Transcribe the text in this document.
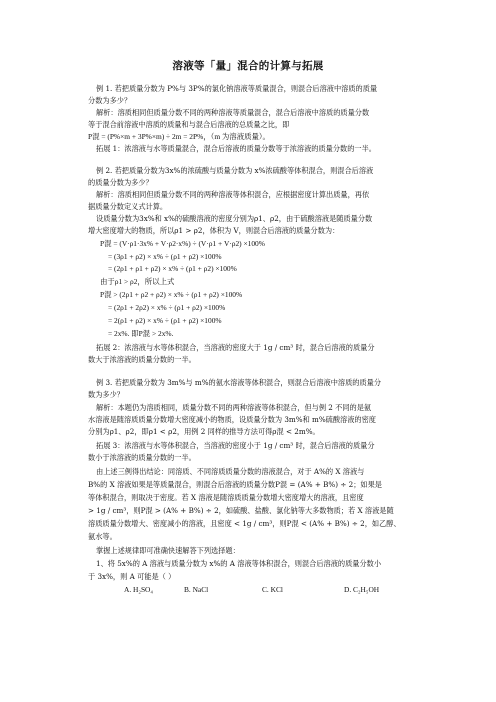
溶液等「量」混合的计算与拓展
例 1. 若把质量分数为 P%与 3P%的氯化钠溶液等质量混合，则混合后溶液中溶质的质量
分数为多少？
解析：溶质相同但质量分数不同的两种溶液等质量混合，混合后溶液中溶质的质量分数
等于混合前溶液中溶质的质量和与混合后溶液的总质量之比，即
P混 = (P%×m + 3P%×m) ÷ 2m = 2P%，（m 为溶液质量）。
拓展 1：浓溶液与水等质量混合，混合后溶液的质量分数等于浓溶液的质量分数的一半。
例 2. 若把质量分数为3x%的浓硫酸与质量分数为 x%浓硫酸等体积混合，则混合后溶液
的质量分数为多少？
解析：溶质相同但质量分数不同的两种溶液等体积混合，应根据密度计算出质量，再依
据质量分数定义式计算。
设质量分数为3x%和 x%的硫酸溶液的密度分别为ρ1、ρ2，由于硫酸溶液是随质量分数
增大密度增大的物质，所以ρ1 > ρ2，体积为 V，则混合后溶液的质量分数为：
P混 = (V·ρ1·3x% + V·ρ2·x%) ÷ (V·ρ1 + V·ρ2) ×100%
= (3ρ1 + ρ2) × x% ÷ (ρ1 + ρ2) ×100%
= (2ρ1 + ρ1 + ρ2) × x% ÷ (ρ1 + ρ2) ×100%
由于ρ1 > ρ2，所以上式
P混 > (2ρ1 + ρ2 + ρ2) × x% ÷ (ρ1 + ρ2) ×100%
= (2ρ1 + 2ρ2) × x% ÷ (ρ1 + ρ2) ×100%
= 2(ρ1 + ρ2) × x% ÷ (ρ1 + ρ2) ×100%
= 2x%. 即P混 > 2x%.
拓展 2：浓溶液与水等体积混合，当溶液的密度大于 1g / cm³ 时，混合后溶液的质量分
数大于浓溶液的质量分数的一半。
例 3. 若把质量分数为 3m%与 m%的氨水溶液等体积混合，则混合后溶液中溶质的质量分
数为多少？
解析：本题仍为溶质相同，质量分数不同的两种溶液等体积混合，但与例 2 不同的是氨
水溶液是随溶质质量分数增大密度减小的物质，设质量分数为 3m%和 m%硫酸溶液的密度
分别为ρ1、ρ2，即ρ1 < ρ2，用例 2 同样的推导方法可得ρ混 < 2m%。
拓展 3：浓溶液与水等体积混合，当溶液的密度小于 1g / cm³ 时，混合后溶液的质量分
数小于浓溶液的质量分数的一半。
由上述三例得出结论：同溶质、不同溶质质量分数的溶液混合，对于 A%的 X 溶液与
B%的 X 溶液如果是等质量混合，则混合后溶液的质量分数P混 = (A% + B%) ÷ 2；如果是
等体积混合，则取决于密度。若 X 溶液是随溶质质量分数增大密度增大的溶液，且密度
> 1g / cm³，则P混 > (A% + B%) ÷ 2，如硫酸、盐酸、氯化钠等大多数物质；若 X 溶液是随
溶质质量分数增大、密度减小的溶液，且密度 < 1g / cm³，则P混 < (A% + B%) ÷ 2，如乙醇、
氨水等。
掌握上述规律即可准确快速解答下列选择题：
1、将 5x%的 A 溶液与质量分数为 x%的 A 溶液等体积混合，则混合后溶液的质量分数小
于 3x%，则 A 可能是（ ）
A. H₂SO₄	B. NaCl	C. KCl	D. C₂H₅OH
